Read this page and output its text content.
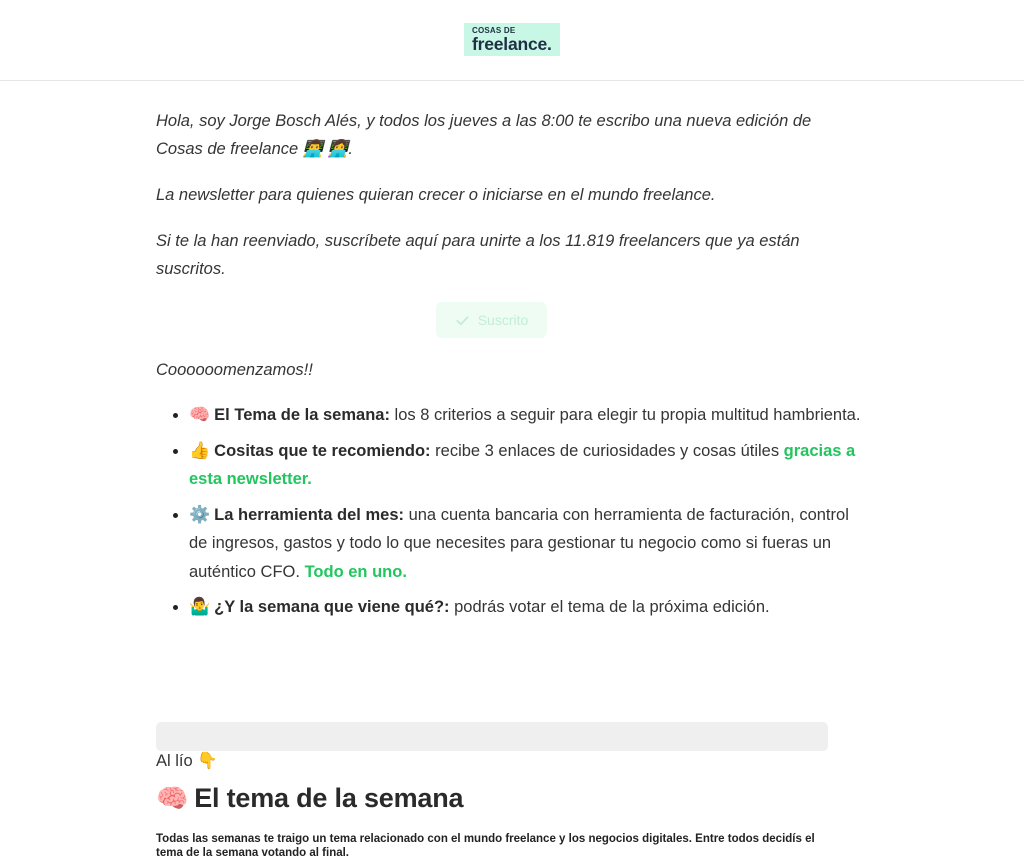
COSAS DE
freelance.

Hola, soy Jorge Bosch Alés, y todos los jueves a las 8:00 te escribo una nueva edición de Cosas de freelance 👨‍💻 👩‍💻.

La newsletter para quienes quieran crecer o iniciarse en el mundo freelance.

Si te la han reenviado, suscríbete aquí para unirte a los 11.819 freelancers que ya están suscritos.

Suscrito

Coooooomenzamos!!

• 🧠 El Tema de la semana: los 8 criterios a seguir para elegir tu propia multitud hambrienta.
• 👍 Cositas que te recomiendo: recibe 3 enlaces de curiosidades y cosas útiles gracias a esta newsletter.
• ⚙️ La herramienta del mes: una cuenta bancaria con herramienta de facturación, control de ingresos, gastos y todo lo que necesites para gestionar tu negocio como si fueras un auténtico CFO. Todo en uno.
• 🤷‍♂️ ¿Y la semana que viene qué?: podrás votar el tema de la próxima edición.

Al lío 👇

🧠 El tema de la semana

Todas las semanas te traigo un tema relacionado con el mundo freelance y los negocios digitales. Entre todos decidís el tema de la semana votando al final.
